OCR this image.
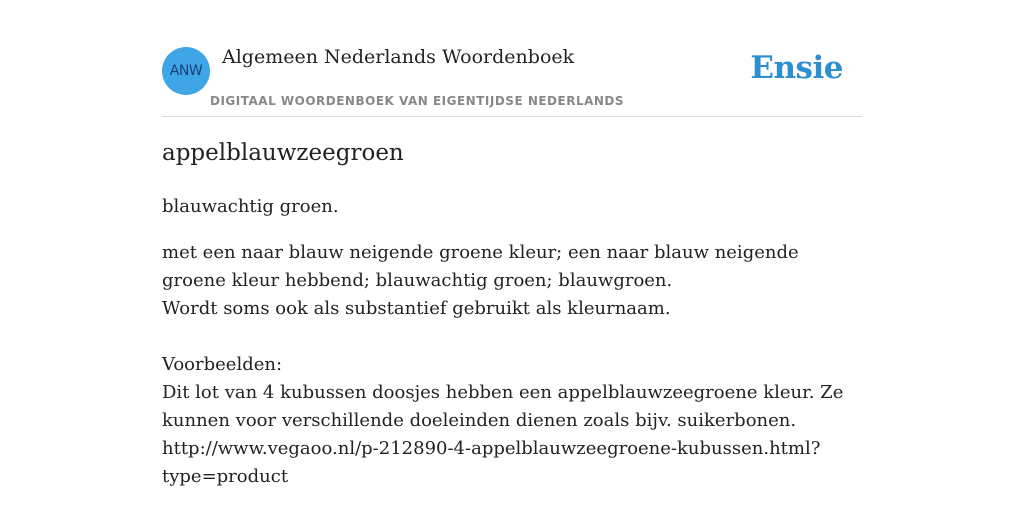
ANW
Algemeen Nederlands Woordenboek
DIGITAAL WOORDENBOEK VAN EIGENTIJDSE NEDERLANDS
Ensie
appelblauwzeegroen
blauwachtig groen.

met een naar blauw neigende groene kleur; een naar blauw neigende groene kleur hebbend; blauwachtig groen; blauwgroen.

Wordt soms ook als substantief gebruikt als kleurnaam.

Voorbeelden:

Dit lot van 4 kubussen doosjes hebben een appelblauwzeegroene kleur. Ze kunnen voor verschillende doeleinden dienen zoals bijv. suikerbonen.

http://www.vegaoo.nl/p-212890-4-appelblauwzeegroene-kubussen.html?type=product
